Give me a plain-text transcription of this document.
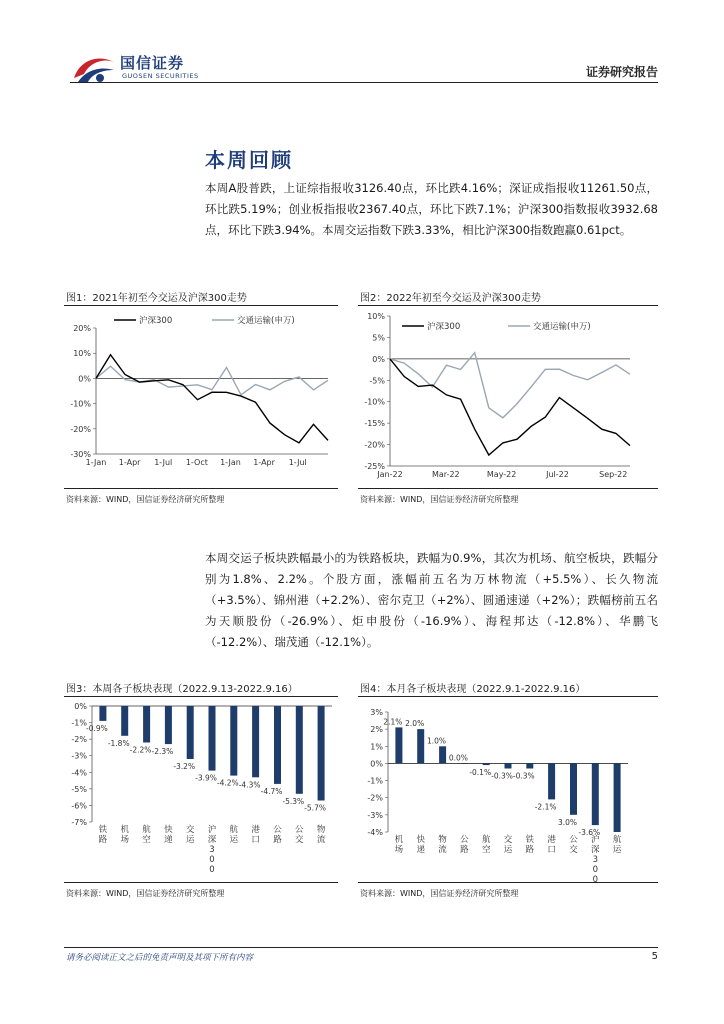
国信证券
GUOSEN SECURITIES	证券研究报告
本周回顾
本周A股普跌，上证综指报收3126.40点，环比跌4.16%；深证成指报收11261.50点，环比跌5.19%；创业板指报收2367.40点，环比下跌7.1%；沪深300指数报收3932.68点，环比下跌3.94%。本周交运指数下跌3.33%，相比沪深300指数跑赢0.61pct。
图1：2021年初至今交运及沪深300走势
20%
10%
0%
-10%
-20%
-30%
1-Jan 1-Apr 1-Jul 1-Oct 1-Jan 1-Apr 1-Jul
沪深300	交通运输(申万)
资料来源：WIND，国信证券经济研究所整理
图2：2022年初至今交运及沪深300走势
10%
5%
0%
-5%
-10%
-15%
-20%
-25%
Jan-22	Mar-22	May-22	Jul-22	Sep-22
沪深300	交通运输(申万)
资料来源：WIND，国信证券经济研究所整理
本周交运子板块跌幅最小的为铁路板块，跌幅为0.9%，其次为机场、航空板块，跌幅分别为1.8%、2.2%。个股方面，涨幅前五名为万林物流（+5.5%）、长久物流（+3.5%）、锦州港（+2.2%）、密尔克卫（+2%）、圆通速递（+2%）；跌幅榜前五名为天顺股份（-26.9%）、炬申股份（-16.9%）、海程邦达（-12.8%）、华鹏飞（-12.2%）、瑞茂通（-12.1%）。
图3：本周各子板块表现（2022.9.13-2022.9.16）
0%
-1%
-2%
-3%
-4%
-5%
-6%
-7%
-0.9%
铁
路
-1.8%
机
场
-2.2%
航
空
-2.3%
快
递
-3.2%
交
运
-3.9%
沪
深
3
0
0
-4.2%
航
运
-4.3%
港
口
-4.7%
公
路
-5.3%
公
交
-5.7%
物
流
资料来源：WIND，国信证券经济研究所整理
图4：本月各子板块表现（2022.9.1-2022.9.16）
3%
2%
1%
0%
-1%
-2%
-3%
-4%
2.1%
机
场
2.0%
快
递
1.0%
物
流
0.0%
公
路
-0.1%
航
空
-0.3%
交
运
-0.3%
铁
路
-2.1%
港
口
3.0%
公
交
-3.6%
沪
深
3
0
0
航
运
资料来源：WIND，国信证券经济研究所整理
请务必阅读正文之后的免责声明及其项下所有内容	5
